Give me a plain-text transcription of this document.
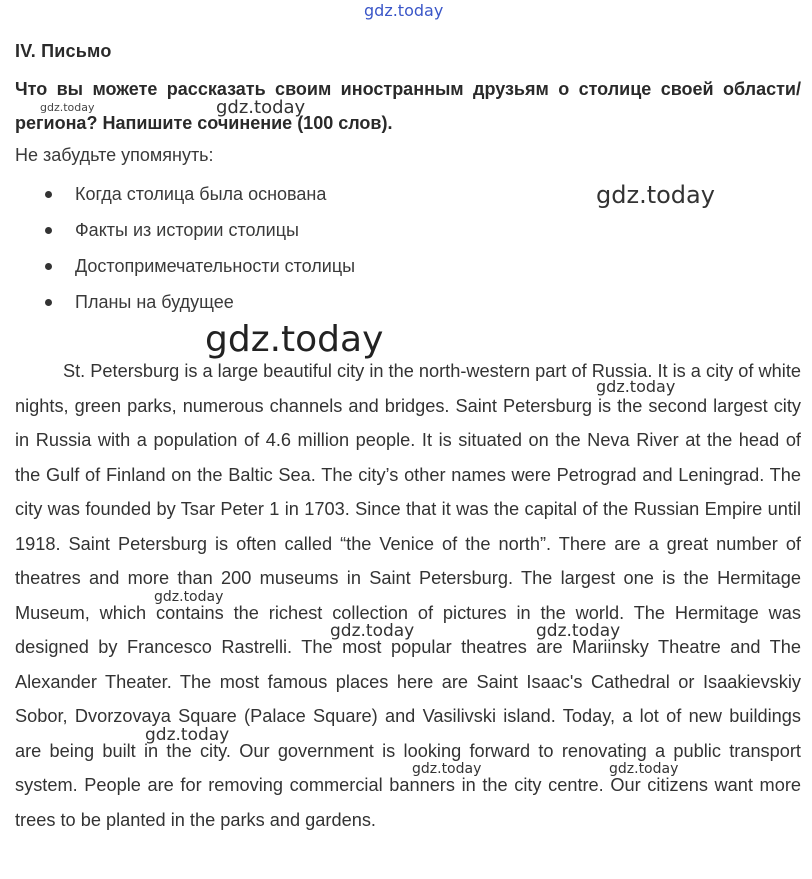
IV. Письмо
Что вы можете рассказать своим иностранным друзьям о столице своей области/региона? Напишите сочинение (100 слов).
Не забудьте упомянуть:
Когда столица была основана
Факты из истории столицы
Достопримечательности столицы
Планы на будущее

St. Petersburg is a large beautiful city in the north-western part of Russia. It is a city of white nights, green parks, numerous channels and bridges. Saint Petersburg is the second largest city in Russia with a population of 4.6 million people. It is situated on the Neva River at the head of the Gulf of Finland on the Baltic Sea. The city’s other names were Petrograd and Leningrad. The city was founded by Tsar Peter 1 in 1703. Since that it was the capital of the Russian Empire until 1918. Saint Petersburg is often called “the Venice of the north”. There are a great number of theatres and more than 200 museums in Saint Petersburg. The largest one is the Hermitage Museum, which contains the richest collection of pictures in the world. The Hermitage was designed by Francesco Rastrelli. The most popular theatres are Mariinsky Theatre and The Alexander Theater. The most famous places here are Saint Isaac's Cathedral or Isaakievskiy Sobor, Dvorzovaya Square (Palace Square) and Vasilivski island. Today, a lot of new buildings are being built in the city. Our government is looking forward to renovating a public transport system. People are for removing commercial banners in the city centre. Our citizens want more trees to be planted in the parks and gardens.

gdz.today
gdz.today	gdz.today
gdz.today
gdz.today
gdz.today
gdz.today
gdz.today	gdz.today
gdz.today
gdz.today	gdz.today
